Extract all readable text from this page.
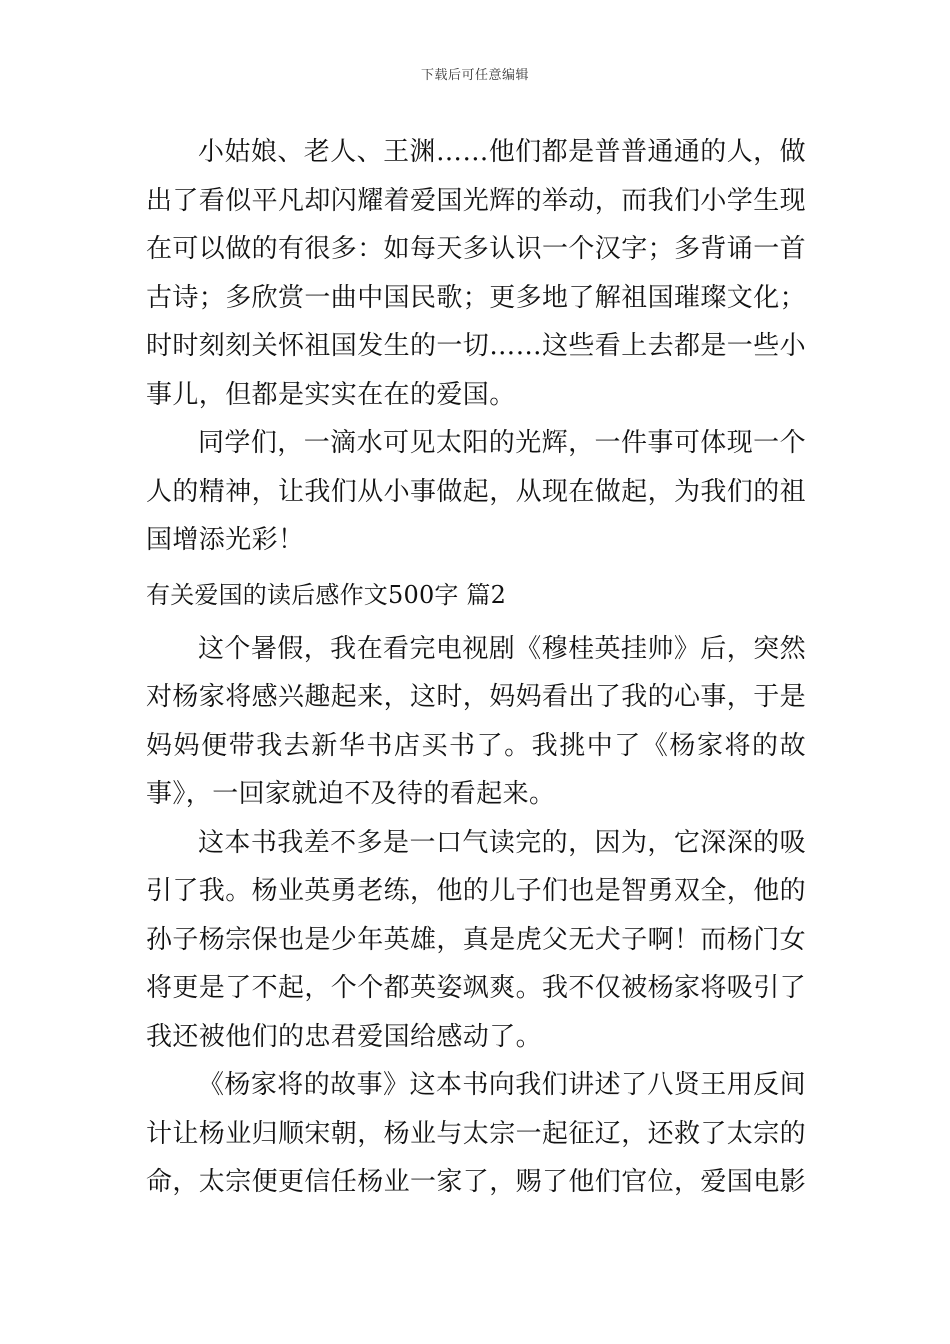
下载后可任意编辑

小姑娘、老人、王渊……他们都是普普通通的人，做出了看似平凡却闪耀着爱国光辉的举动，而我们小学生现在可以做的有很多：如每天多认识一个汉字；多背诵一首古诗；多欣赏一曲中国民歌；更多地了解祖国璀璨文化；时时刻刻关怀祖国发生的一切……这些看上去都是一些小事儿，但都是实实在在的爱国。

同学们，一滴水可见太阳的光辉，一件事可体现一个人的精神，让我们从小事做起，从现在做起，为我们的祖国增添光彩！

有关爱国的读后感作文500字 篇2

这个暑假，我在看完电视剧《穆桂英挂帅》后，突然对杨家将感兴趣起来，这时，妈妈看出了我的心事，于是妈妈便带我去新华书店买书了。我挑中了《杨家将的故事》，一回家就迫不及待的看起来。

这本书我差不多是一口气读完的，因为，它深深的吸引了我。杨业英勇老练，他的儿子们也是智勇双全，他的孙子杨宗保也是少年英雄，真是虎父无犬子啊！而杨门女将更是了不起，个个都英姿飒爽。我不仅被杨家将吸引了我还被他们的忠君爱国给感动了。

《杨家将的故事》这本书向我们讲述了八贤王用反间计让杨业归顺宋朝，杨业与太宗一起征辽，还救了太宗的命，太宗便更信任杨业一家了，赐了他们官位，爱国电影
